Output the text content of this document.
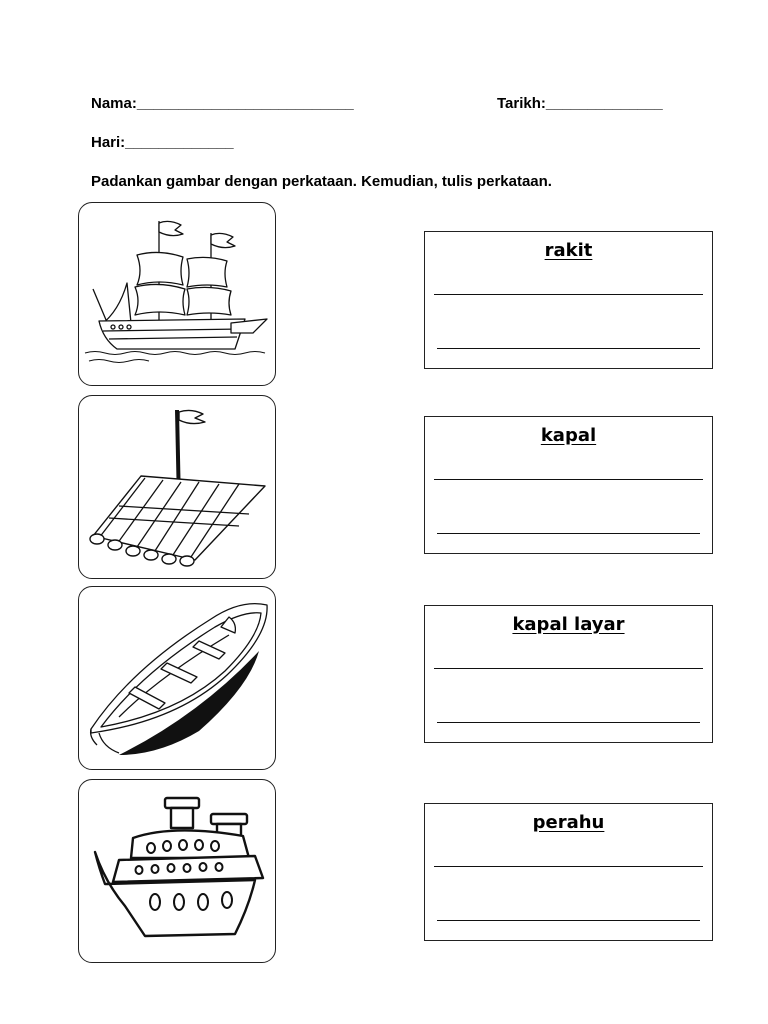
Nama:__________________________	Tarikh:______________
Hari:_____________
Padankan gambar dengan perkataan. Kemudian, tulis perkataan.
rakit
kapal
kapal layar
perahu
